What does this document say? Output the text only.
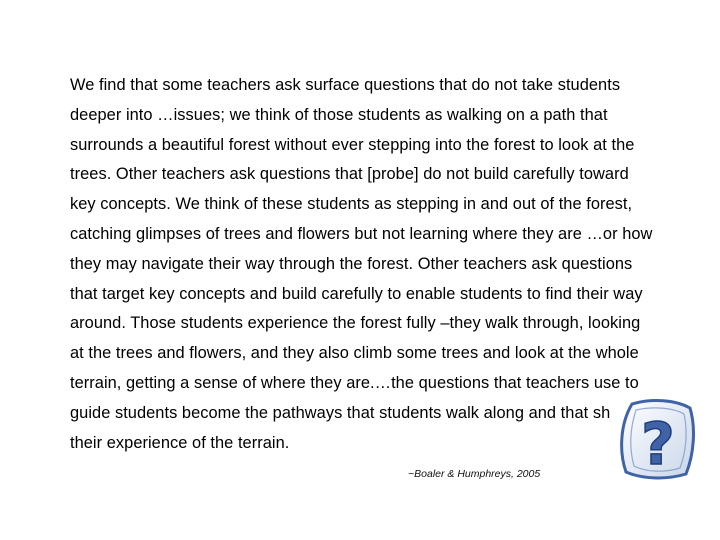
We find that some teachers ask surface questions that do not take students
deeper into …issues; we think of those students as walking on a path that
surrounds a beautiful forest without ever stepping into the forest to look at the
trees. Other teachers ask questions that [probe] do not build carefully toward
key concepts. We think of these students as stepping in and out of the forest,
catching glimpses of trees and flowers but not learning where they are …or how
they may navigate their way through the forest. Other teachers ask questions
that target key concepts and build carefully to enable students to find their way
around. Those students experience the forest fully –they walk through, looking
at the trees and flowers, and they also climb some trees and look at the whole
terrain, getting a sense of where they are.…the questions that teachers use to
guide students become the pathways that students walk along and that sh
their experience of the terrain.

~Boaler & Humphreys, 2005 ?
